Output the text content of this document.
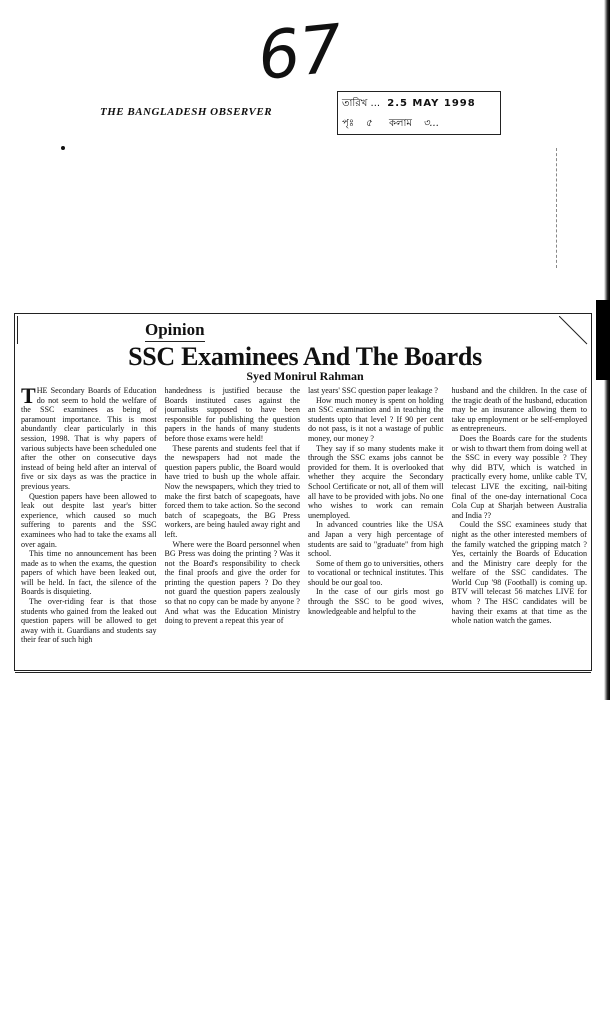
67
THE BANGLADESH OBSERVER
তারিখ ... 2.5 MAY 1998
পৃঃ ৫ কলাম ৩...
Opinion
SSC Examinees And The Boards
Syed Monirul Rahman

THE Secondary Boards of Education do not seem to hold the welfare of the SSC examinees as being of paramount importance. This is most abundantly clear particularly in this session, 1998. That is why papers of various subjects have been scheduled one after the other on consecutive days instead of being held after an interval of five or six days as was the practice in previous years.

Question papers have been allowed to leak out despite last year's bitter experience, which caused so much suffering to parents and the SSC examinees who had to take the exams all over again.

This time no announcement has been made as to when the exams, the question papers of which have been leaked out, will be held. In fact, the silence of the Boards is disquieting.

The over-riding fear is that those students who gained from the leaked out question papers will be allowed to get away with it. Guardians and students say their fear of such high

handedness is justified because the Boards instituted cases against the journalists supposed to have been responsible for publishing the question papers in the hands of many students before those exams were held!

These parents and students feel that if the newspapers had not made the question papers public, the Board would have tried to bush up the whole affair. Now the newspapers, which they tried to make the first batch of scapegoats, have forced them to take action. So the second batch of scapegoats, the BG Press workers, are being hauled away right and left.

Where were the Board personnel when BG Press was doing the printing ? Was it not the Board's responsibility to check the final proofs and give the order for printing the question papers ? Do they not guard the question papers zealously so that no copy can be made by anyone ? And what was the Education Ministry doing to prevent a repeat this year of

last years' SSC question paper leakage ?

How much money is spent on holding an SSC examination and in teaching the students upto that level ? If 90 per cent do not pass, is it not a wastage of public money, our money ?

They say if so many students make it through the SSC exams jobs cannot be provided for them. It is overlooked that whether they acquire the Secondary School Certificate or not, all of them will all have to be provided with jobs. No one who wishes to work can remain unemployed.

In advanced countries like the USA and Japan a very high percentage of students are said to "graduate" from high school.

Some of them go to universities, others to vocational or technical institutes. This should be our goal too.

In the case of our girls most go through the SSC to be good wives, knowledgeable and helpful to the

husband and the children. In the case of the tragic death of the husband, education may be an insurance allowing them to take up employment or be self-employed as entrepreneurs.

Does the Boards care for the students or wish to thwart them from doing well at the SSC in every way possible ? They why did BTV, which is watched in practically every home, unlike cable TV, telecast LIVE the exciting, nail-biting final of the one-day international Coca Cola Cup at Sharjah between Australia and India ??

Could the SSC examinees study that night as the other interested members of the family watched the gripping match ? Yes, certainly the Boards of Education and the Ministry care deeply for the welfare of the SSC candidates. The World Cup '98 (Football) is coming up. BTV will telecast 56 matches LIVE for whom ? The HSC candidates will be having their exams at that time as the whole nation watch the games.
